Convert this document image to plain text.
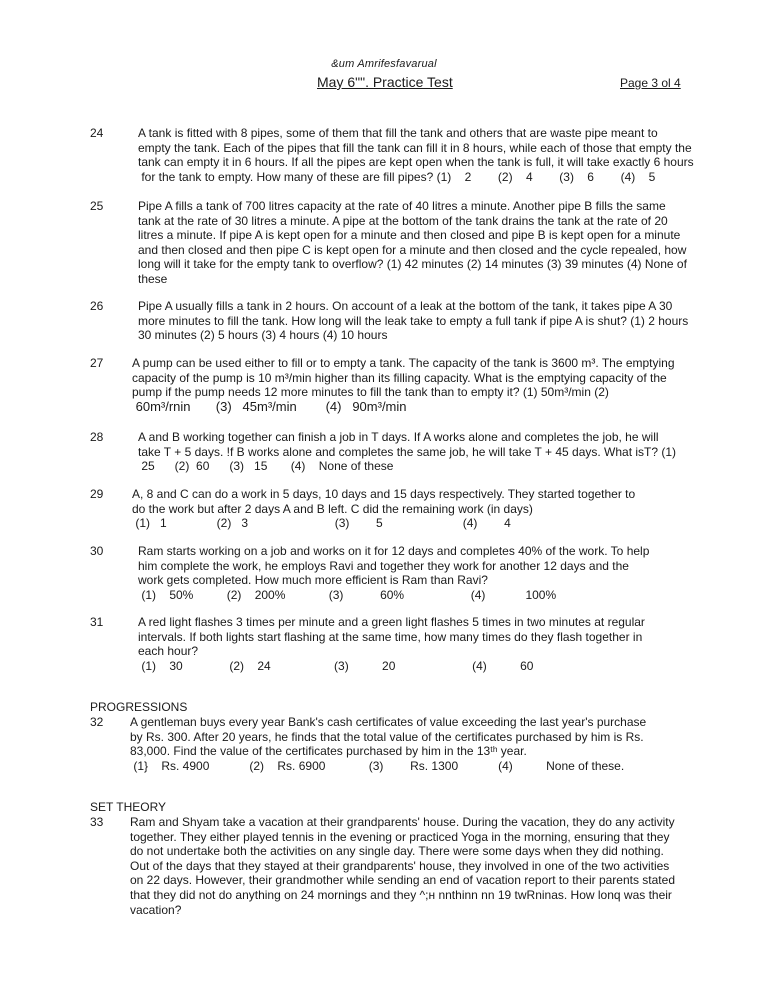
&um Amrifesfavarual
May 6"". Practice Test	Page 3 ol 4
24	A tank is fitted with 8 pipes, some of them that fill the tank and others that are waste pipe meant to
empty the tank. Each of the pipes that fill the tank can fill it in 8 hours, while each of those that empty the
tank can empty it in 6 hours. If all the pipes are kept open when the tank is full, it will take exactly 6 hours
for the tank to empty. How many of these are fill pipes? (1)    2        (2)    4        (3)    6        (4)    5
25	Pipe A fills a tank of 700 litres capacity at the rate of 40 litres a minute. Another pipe B fills the same
tank at the rate of 30 litres a minute. A pipe at the bottom of the tank drains the tank at the rate of 20
litres a minute. If pipe A is kept open for a minute and then closed and pipe B is kept open for a minute
and then closed and then pipe C is kept open for a minute and then closed and the cycle repealed, how
long will it take for the empty tank to overflow? (1) 42 minutes (2) 14 minutes (3) 39 minutes (4) None of
these
26	Pipe A usually fills a tank in 2 hours. On account of a leak at the bottom of the tank, it takes pipe A 30
more minutes to fill the tank. How long will the leak take to empty a full tank if pipe A is shut? (1) 2 hours
30 minutes (2) 5 hours (3) 4 hours (4) 10 hours
27	A pump can be used either to fill or to empty a tank. The capacity of the tank is 3600 m³. The emptying
capacity of the pump is 10 m³/min higher than its filling capacity. What is the emptying capacity of the
pump if the pump needs 12 more minutes to fill the tank than to empty it? (1) 50m³/min (2)
60m³/rnin       (3)   45m³/min        (4)   90m³/min
28	A and B working together can finish a job in T days. If A works alone and completes the job, he will
take T + 5 days. !f B works alone and completes the same job, he will take T + 45 days. What isT? (1)
25      (2)  60      (3)   15       (4)    None of these
29	A, 8 and C can do a work in 5 days, 10 days and 15 days respectively. They started together to
do the work but after 2 days A and B left. C did the remaining work (in days)
(1)   1               (2)   3                          (3)        5                        (4)        4
30	Ram starts working on a job and works on it for 12 days and completes 40% of the work. To help
him complete the work, he employs Ravi and together they work for another 12 days and the
work gets completed. How much more efficient is Ram than Ravi?
(1)    50%          (2)    200%             (3)           60%                    (4)            100%
31	A red light flashes 3 times per minute and a green light flashes 5 times in two minutes at regular
intervals. If both lights start flashing at the same time, how many times do they flash together in
each hour?
(1)    30              (2)    24                   (3)          20                       (4)          60
PROGRESSIONS
32	A gentleman buys every year Bank's cash certificates of value exceeding the last year's purchase
by Rs. 300. After 20 years, he finds that the total value of the certificates purchased by him is Rs.
83,000. Find the value of the certificates purchased by him in the 13ᵗʰ year.
(1}    Rs. 4900            (2)    Rs. 6900             (3)        Rs. 1300            (4)          None of these.
SET THEORY
33	Ram and Shyam take a vacation at their grandparents' house. During the vacation, they do any activity
together. They either played tennis in the evening or practiced Yoga in the morning, ensuring that they
do not undertake both the activities on any single day. There were some days when they did nothing.
Out of the days that they stayed at their grandparents' house, they involved in one of the two activities
on 22 days. However, their grandmother while sending an end of vacation report to their parents stated
that they did not do anything on 24 mornings and they ^;н nnthinn nn 19 twRninas. How lonq was their
vacation?
